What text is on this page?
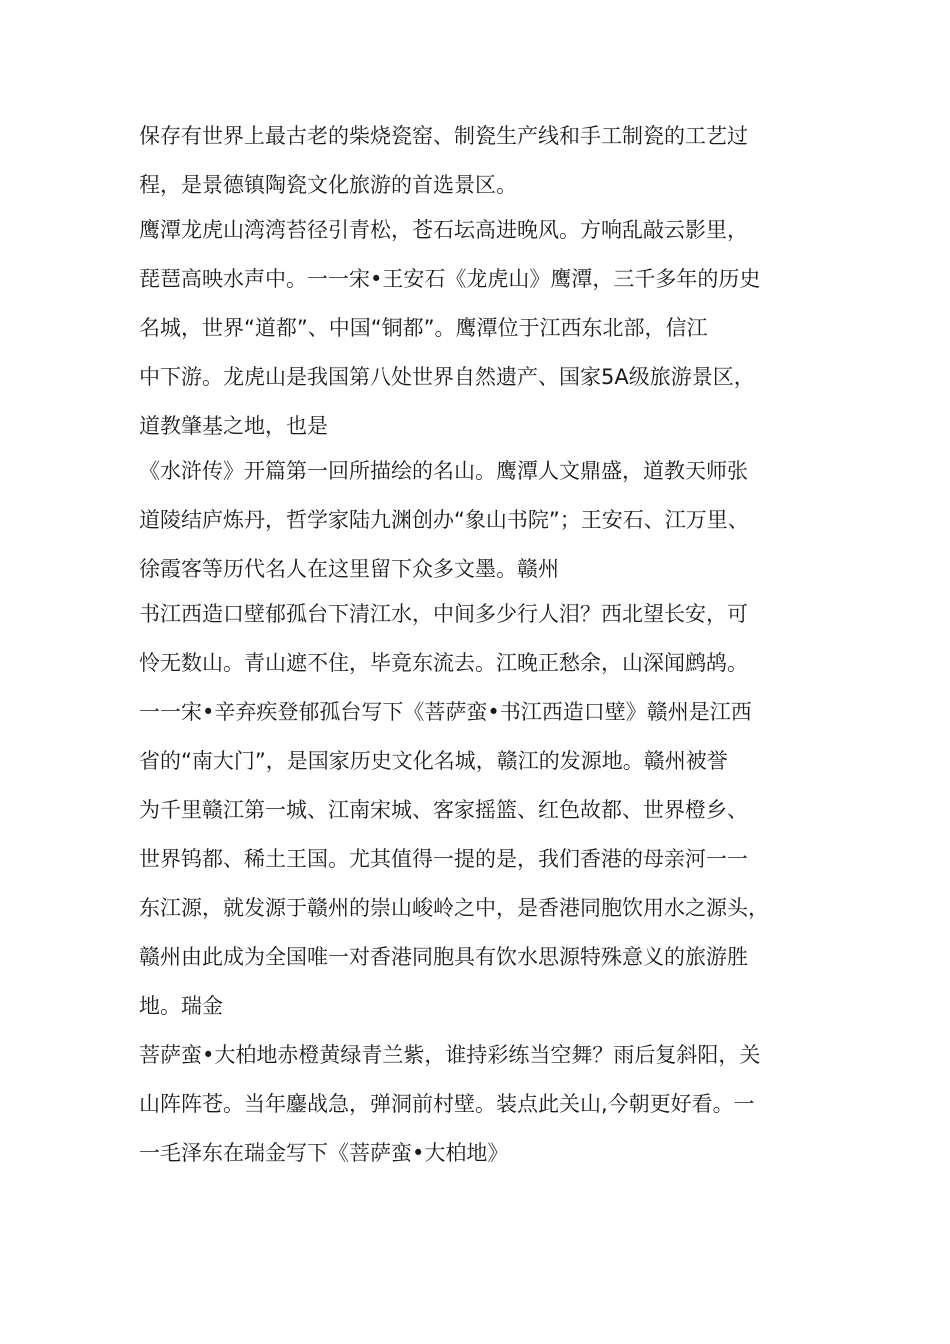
保存有世界上最古老的柴烧瓷窑、制瓷生产线和手工制瓷的工艺过
程，是景德镇陶瓷文化旅游的首选景区。
鹰潭龙虎山湾湾苔径引青松，苍石坛高进晚风。方响乱敲云影里，
琵琶高映水声中。一一宋•王安石《龙虎山》鹰潭，三千多年的历史
名城，世界“道都”、中国“铜都”。鹰潭位于江西东北部，信江
中下游。龙虎山是我国第八处世界自然遗产、国家5A级旅游景区，
道教肇基之地，也是
《水浒传》开篇第一回所描绘的名山。鹰潭人文鼎盛，道教天师张
道陵结庐炼丹，哲学家陆九渊创办“象山书院”；王安石、江万里、
徐霞客等历代名人在这里留下众多文墨。赣州
书江西造口壁郁孤台下清江水，中间多少行人泪？西北望长安，可
怜无数山。青山遮不住，毕竟东流去。江晚正愁余，山深闻鹧鸪。
一一宋•辛弃疾登郁孤台写下《菩萨蛮•书江西造口壁》赣州是江西
省的“南大门”，是国家历史文化名城，赣江的发源地。赣州被誉
为千里赣江第一城、江南宋城、客家摇篮、红色故都、世界橙乡、
世界钨都、稀土王国。尤其值得一提的是，我们香港的母亲河一一
东江源，就发源于赣州的崇山峻岭之中，是香港同胞饮用水之源头，
赣州由此成为全国唯一对香港同胞具有饮水思源特殊意义的旅游胜
地。瑞金
菩萨蛮•大柏地赤橙黄绿青兰紫，谁持彩练当空舞？雨后复斜阳，关
山阵阵苍。当年鏖战急，弹洞前村壁。装点此关山,今朝更好看。一
一毛泽东在瑞金写下《菩萨蛮•大柏地》
